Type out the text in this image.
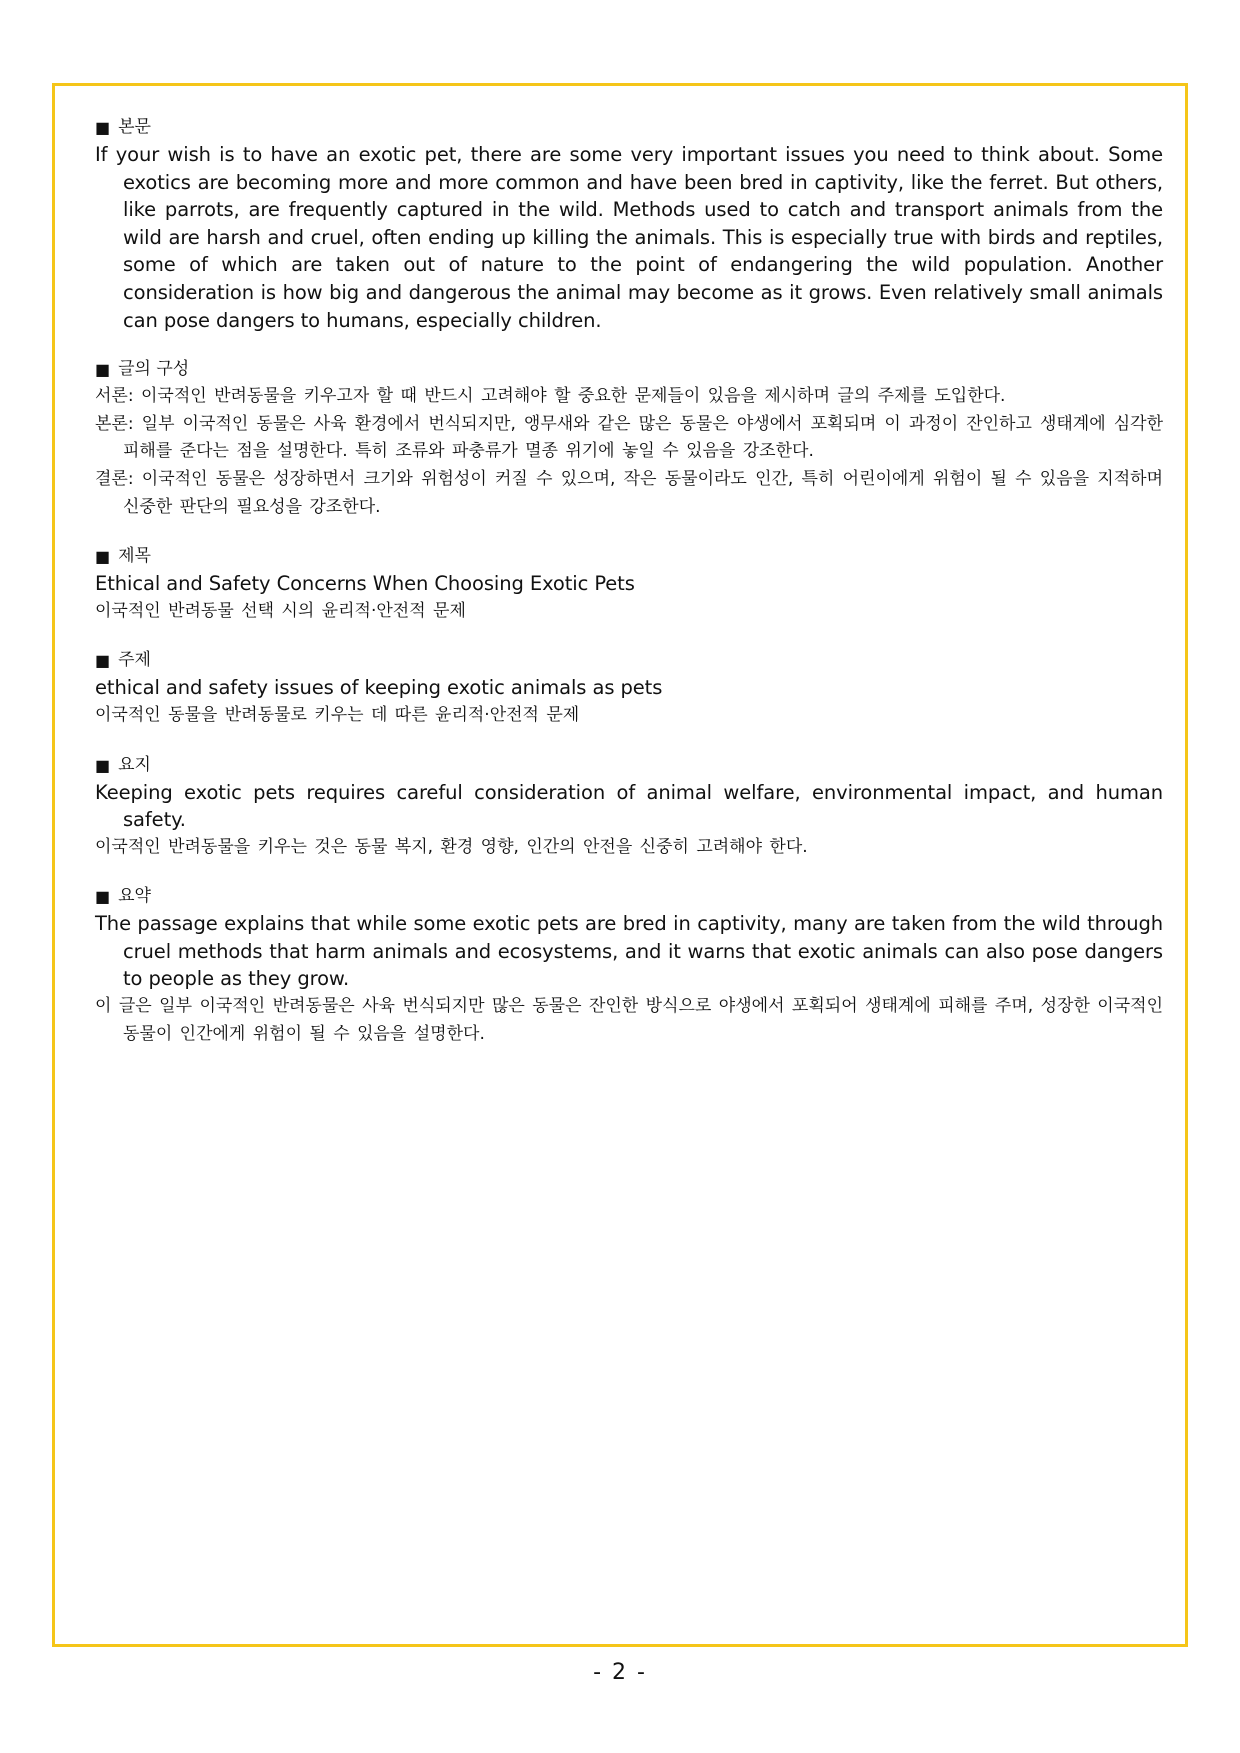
■ 본문

If your wish is to have an exotic pet, there are some very important issues you need to think about. Some exotics are becoming more and more common and have been bred in captivity, like the ferret. But others, like parrots, are frequently captured in the wild. Methods used to catch and transport animals from the wild are harsh and cruel, often ending up killing the animals. This is especially true with birds and reptiles, some of which are taken out of nature to the point of endangering the wild population. Another consideration is how big and dangerous the animal may become as it grows. Even relatively small animals can pose dangers to humans, especially children.

■ 글의 구성

서론: 이국적인 반려동물을 키우고자 할 때 반드시 고려해야 할 중요한 문제들이 있음을 제시하며 글의 주제를 도입한다.

본론: 일부 이국적인 동물은 사육 환경에서 번식되지만, 앵무새와 같은 많은 동물은 야생에서 포획되며 이 과정이 잔인하고 생태계에 심각한 피해를 준다는 점을 설명한다. 특히 조류와 파충류가 멸종 위기에 놓일 수 있음을 강조한다.

결론: 이국적인 동물은 성장하면서 크기와 위험성이 커질 수 있으며, 작은 동물이라도 인간, 특히 어린이에게 위험이 될 수 있음을 지적하며 신중한 판단의 필요성을 강조한다.

■ 제목

Ethical and Safety Concerns When Choosing Exotic Pets

이국적인 반려동물 선택 시의 윤리적·안전적 문제

■ 주제

ethical and safety issues of keeping exotic animals as pets

이국적인 동물을 반려동물로 키우는 데 따른 윤리적·안전적 문제

■ 요지

Keeping exotic pets requires careful consideration of animal welfare, environmental impact, and human safety.

이국적인 반려동물을 키우는 것은 동물 복지, 환경 영향, 인간의 안전을 신중히 고려해야 한다.

■ 요약

The passage explains that while some exotic pets are bred in captivity, many are taken from the wild through cruel methods that harm animals and ecosystems, and it warns that exotic animals can also pose dangers to people as they grow.

이 글은 일부 이국적인 반려동물은 사육 번식되지만 많은 동물은 잔인한 방식으로 야생에서 포획되어 생태계에 피해를 주며, 성장한 이국적인 동물이 인간에게 위험이 될 수 있음을 설명한다.

- 2 -
